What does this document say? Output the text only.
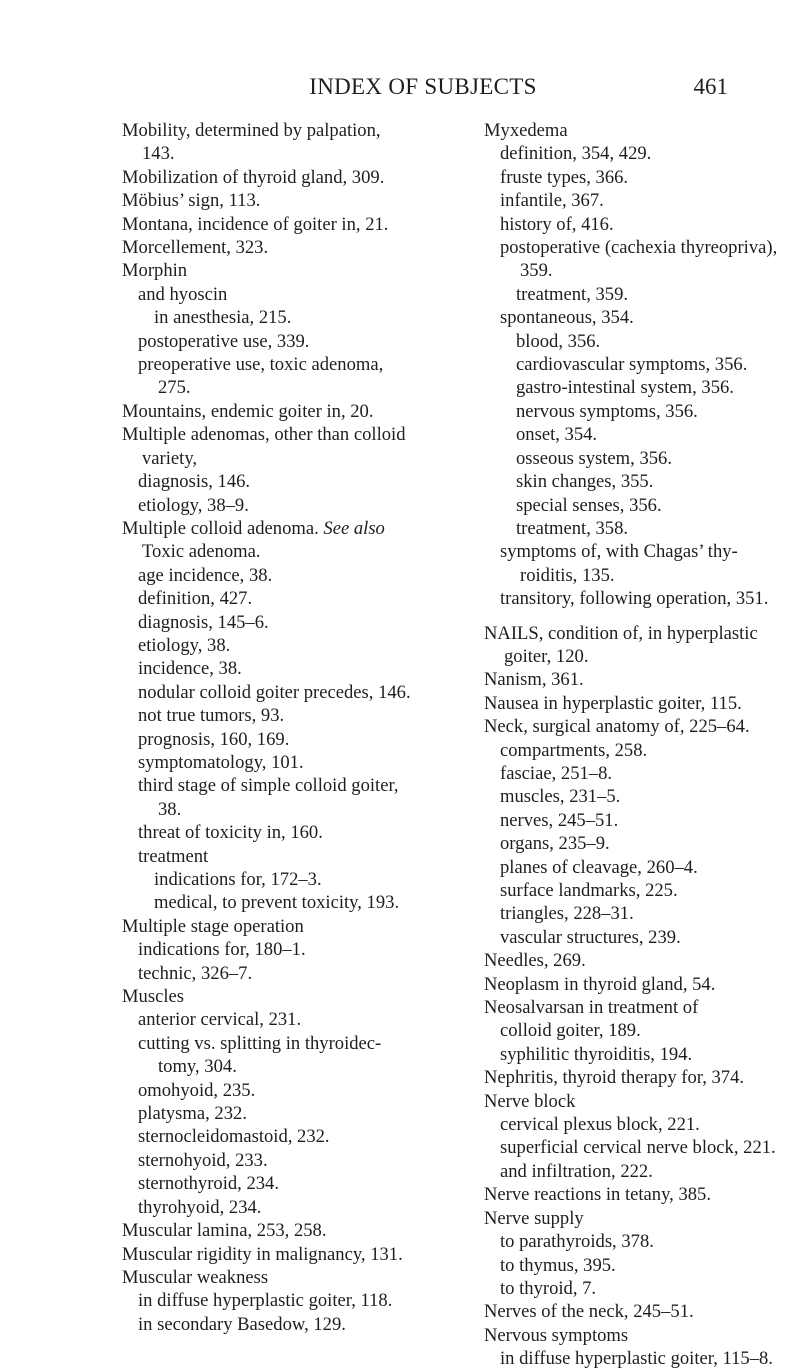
INDEX OF SUBJECTS	461
Mobility, determined by palpation,
143.
Mobilization of thyroid gland, 309.
Möbius’ sign, 113.
Montana, incidence of goiter in, 21.
Morcellement, 323.
Morphin
and hyoscin
in anesthesia, 215.
postoperative use, 339.
preoperative use, toxic adenoma,
275.
Mountains, endemic goiter in, 20.
Multiple adenomas, other than colloid
variety,
diagnosis, 146.
etiology, 38–9.
Multiple colloid adenoma. See also
Toxic adenoma.
age incidence, 38.
definition, 427.
diagnosis, 145–6.
etiology, 38.
incidence, 38.
nodular colloid goiter precedes, 146.
not true tumors, 93.
prognosis, 160, 169.
symptomatology, 101.
third stage of simple colloid goiter,
38.
threat of toxicity in, 160.
treatment
indications for, 172–3.
medical, to prevent toxicity, 193.
Multiple stage operation
indications for, 180–1.
technic, 326–7.
Muscles
anterior cervical, 231.
cutting vs. splitting in thyroidec-
tomy, 304.
omohyoid, 235.
platysma, 232.
sternocleidomastoid, 232.
sternohyoid, 233.
sternothyroid, 234.
thyrohyoid, 234.
Muscular lamina, 253, 258.
Muscular rigidity in malignancy, 131.
Muscular weakness
in diffuse hyperplastic goiter, 118.
in secondary Basedow, 129.
Myxedema
definition, 354, 429.
fruste types, 366.
infantile, 367.
history of, 416.
postoperative (cachexia thyreopriva),
359.
treatment, 359.
spontaneous, 354.
blood, 356.
cardiovascular symptoms, 356.
gastro-intestinal system, 356.
nervous symptoms, 356.
onset, 354.
osseous system, 356.
skin changes, 355.
special senses, 356.
treatment, 358.
symptoms of, with Chagas’ thy-
roiditis, 135.
transitory, following operation, 351.
NAILS, condition of, in hyperplastic
goiter, 120.
Nanism, 361.
Nausea in hyperplastic goiter, 115.
Neck, surgical anatomy of, 225–64.
compartments, 258.
fasciae, 251–8.
muscles, 231–5.
nerves, 245–51.
organs, 235–9.
planes of cleavage, 260–4.
surface landmarks, 225.
triangles, 228–31.
vascular structures, 239.
Needles, 269.
Neoplasm in thyroid gland, 54.
Neosalvarsan in treatment of
colloid goiter, 189.
syphilitic thyroiditis, 194.
Nephritis, thyroid therapy for, 374.
Nerve block
cervical plexus block, 221.
superficial cervical nerve block, 221.
and infiltration, 222.
Nerve reactions in tetany, 385.
Nerve supply
to parathyroids, 378.
to thymus, 395.
to thyroid, 7.
Nerves of the neck, 245–51.
Nervous symptoms
in diffuse hyperplastic goiter, 115–8.
